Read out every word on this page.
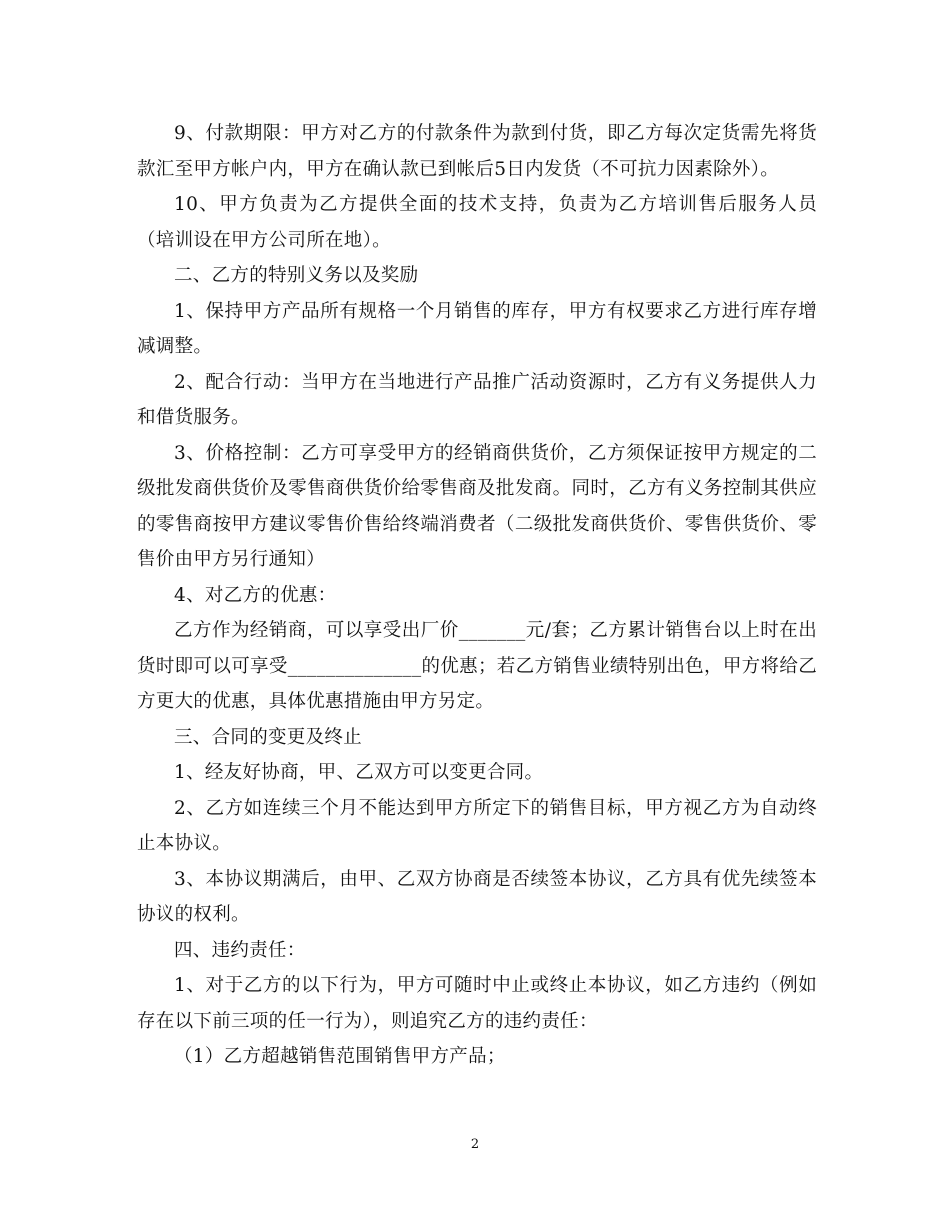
9、付款期限：甲方对乙方的付款条件为款到付货，即乙方每次定货需先将货款汇至甲方帐户内，甲方在确认款已到帐后5日内发货（不可抗力因素除外）。

10、甲方负责为乙方提供全面的技术支持，负责为乙方培训售后服务人员（培训设在甲方公司所在地）。

二、乙方的特别义务以及奖励

1、保持甲方产品所有规格一个月销售的库存，甲方有权要求乙方进行库存增减调整。

2、配合行动：当甲方在当地进行产品推广活动资源时，乙方有义务提供人力和借货服务。

3、价格控制：乙方可享受甲方的经销商供货价，乙方须保证按甲方规定的二级批发商供货价及零售商供货价给零售商及批发商。同时，乙方有义务控制其供应的零售商按甲方建议零售价售给终端消费者（二级批发商供货价、零售供货价、零售价由甲方另行通知）

4、对乙方的优惠：

乙方作为经销商，可以享受出厂价_______元/套；乙方累计销售台以上时在出货时即可以可享受______________的优惠；若乙方销售业绩特别出色，甲方将给乙方更大的优惠，具体优惠措施由甲方另定。

三、合同的变更及终止

1、经友好协商，甲、乙双方可以变更合同。

2、乙方如连续三个月不能达到甲方所定下的销售目标，甲方视乙方为自动终止本协议。

3、本协议期满后，由甲、乙双方协商是否续签本协议，乙方具有优先续签本协议的权利。

四、违约责任：

1、对于乙方的以下行为，甲方可随时中止或终止本协议，如乙方违约（例如存在以下前三项的任一行为），则追究乙方的违约责任：

（1）乙方超越销售范围销售甲方产品；

2
